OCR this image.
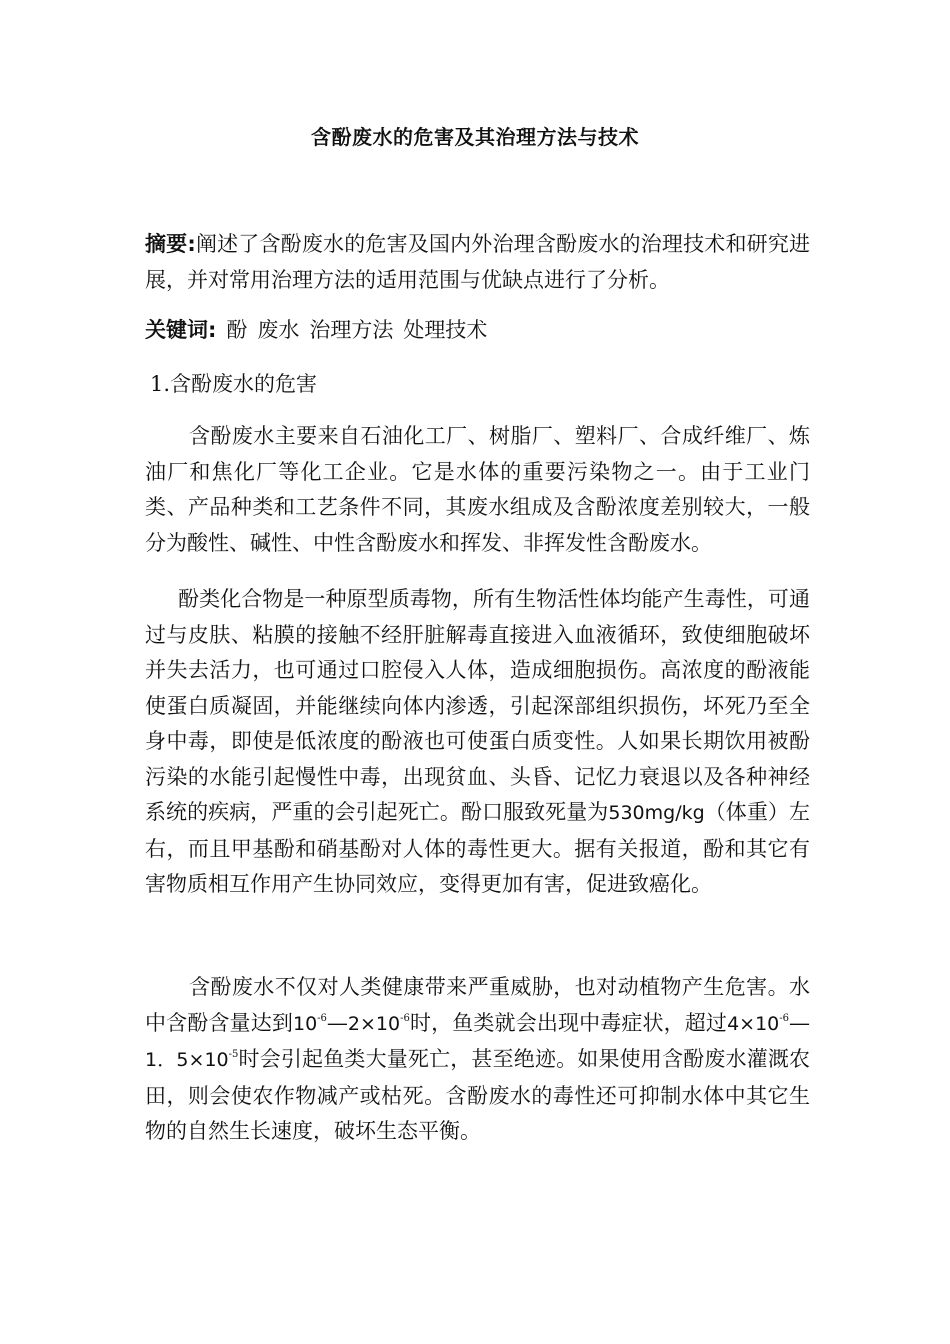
含酚废水的危害及其治理方法与技术
摘要:阐述了含酚废水的危害及国内外治理含酚废水的治理技术和研究进展，并对常用治理方法的适用范围与优缺点进行了分析。
关键词: 酚 废水 治理方法 处理技术
1.含酚废水的危害
含酚废水主要来自石油化工厂、树脂厂、塑料厂、合成纤维厂、炼油厂和焦化厂等化工企业。它是水体的重要污染物之一。由于工业门类、产品种类和工艺条件不同，其废水组成及含酚浓度差别较大，一般分为酸性、碱性、中性含酚废水和挥发、非挥发性含酚废水。
酚类化合物是一种原型质毒物，所有生物活性体均能产生毒性，可通过与皮肤、粘膜的接触不经肝脏解毒直接进入血液循环，致使细胞破坏并失去活力，也可通过口腔侵入人体，造成细胞损伤。高浓度的酚液能使蛋白质凝固，并能继续向体内渗透，引起深部组织损伤，坏死乃至全身中毒，即使是低浓度的酚液也可使蛋白质变性。人如果长期饮用被酚污染的水能引起慢性中毒，出现贫血、头昏、记忆力衰退以及各种神经系统的疾病，严重的会引起死亡。酚口服致死量为530mg/kg（体重）左右，而且甲基酚和硝基酚对人体的毒性更大。据有关报道，酚和其它有害物质相互作用产生协同效应，变得更加有害，促进致癌化。
含酚废水不仅对人类健康带来严重威胁，也对动植物产生危害。水中含酚含量达到$10^{-6}—2\times 10^{-6}$时，鱼类就会出现中毒症状，超过$4\times 10^{-6}—1$．$5\times 10^{-5}$时会引起鱼类大量死亡，甚至绝迹。如果使用含酚废水灌溉农田，则会使农作物减产或枯死。含酚废水的毒性还可抑制水体中其它生物的自然生长速度，破坏生态平衡。
